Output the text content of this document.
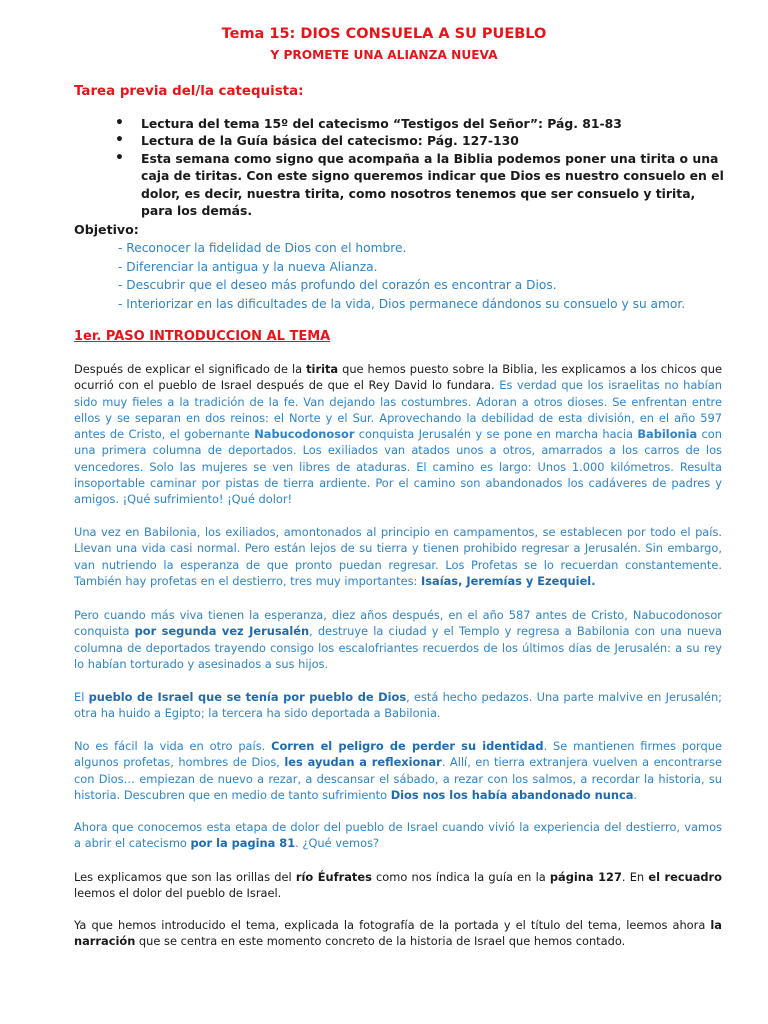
Tema 15: DIOS CONSUELA A SU PUEBLO
Y PROMETE UNA ALIANZA NUEVA
Tarea previa del/la catequista:
• Lectura del tema 15º del catecismo “Testigos del Señor”: Pág. 81-83
• Lectura de la Guía básica del catecismo: Pág. 127-130
• Esta semana como signo que acompaña a la Biblia podemos poner una tirita o una caja de tiritas. Con este signo queremos indicar que Dios es nuestro consuelo en el dolor, es decir, nuestra tirita, como nosotros tenemos que ser consuelo y tirita, para los demás.
Objetivo:
- Reconocer la fidelidad de Dios con el hombre.
- Diferenciar la antigua y la nueva Alianza.
- Descubrir que el deseo más profundo del corazón es encontrar a Dios.
- Interiorizar en las dificultades de la vida, Dios permanece dándonos su consuelo y su amor.
1er. PASO INTRODUCCION AL TEMA

Después de explicar el significado de la tirita que hemos puesto sobre la Biblia, les explicamos a los chicos que ocurrió con el pueblo de Israel después de que el Rey David lo fundara. Es verdad que los israelitas no habían sido muy fieles a la tradición de la fe. Van dejando las costumbres. Adoran a otros dioses. Se enfrentan entre ellos y se separan en dos reinos: el Norte y el Sur. Aprovechando la debilidad de esta división, en el año 597 antes de Cristo, el gobernante Nabucodonosor conquista Jerusalén y se pone en marcha hacia Babilonia con una primera columna de deportados. Los exiliados van atados unos a otros, amarrados a los carros de los vencedores. Solo las mujeres se ven libres de ataduras. El camino es largo: Unos 1.000 kilómetros. Resulta insoportable caminar por pistas de tierra ardiente. Por el camino son abandonados los cadáveres de padres y amigos. ¡Qué sufrimiento! ¡Qué dolor!

Una vez en Babilonia, los exiliados, amontonados al principio en campamentos, se establecen por todo el país. Llevan una vida casi normal. Pero están lejos de su tierra y tienen prohibido regresar a Jerusalén. Sin embargo, van nutriendo la esperanza de que pronto puedan regresar. Los Profetas se lo recuerdan constantemente. También hay profetas en el destierro, tres muy importantes: Isaías, Jeremías y Ezequiel.

Pero cuando más viva tienen la esperanza, diez años después, en el año 587 antes de Cristo, Nabucodonosor conquista por segunda vez Jerusalén, destruye la ciudad y el Templo y regresa a Babilonia con una nueva columna de deportados trayendo consigo los escalofriantes recuerdos de los últimos días de Jerusalén: a su rey lo habían torturado y asesinados a sus hijos.

El pueblo de Israel que se tenía por pueblo de Dios, está hecho pedazos. Una parte malvive en Jerusalén; otra ha huido a Egipto; la tercera ha sido deportada a Babilonia.

No es fácil la vida en otro país. Corren el peligro de perder su identidad. Se mantienen firmes porque algunos profetas, hombres de Dios, les ayudan a reflexionar. Allí, en tierra extranjera vuelven a encontrarse con Dios… empiezan de nuevo a rezar, a descansar el sábado, a rezar con los salmos, a recordar la historia, su historia. Descubren que en medio de tanto sufrimiento Dios nos los había abandonado nunca.

Ahora que conocemos esta etapa de dolor del pueblo de Israel cuando vivió la experiencia del destierro, vamos a abrir el catecismo por la pagina 81. ¿Qué vemos?

Les explicamos que son las orillas del río Éufrates como nos índica la guía en la página 127. En el recuadro leemos el dolor del pueblo de Israel.

Ya que hemos introducido el tema, explicada la fotografía de la portada y el título del tema, leemos ahora la narración que se centra en este momento concreto de la historia de Israel que hemos contado.
